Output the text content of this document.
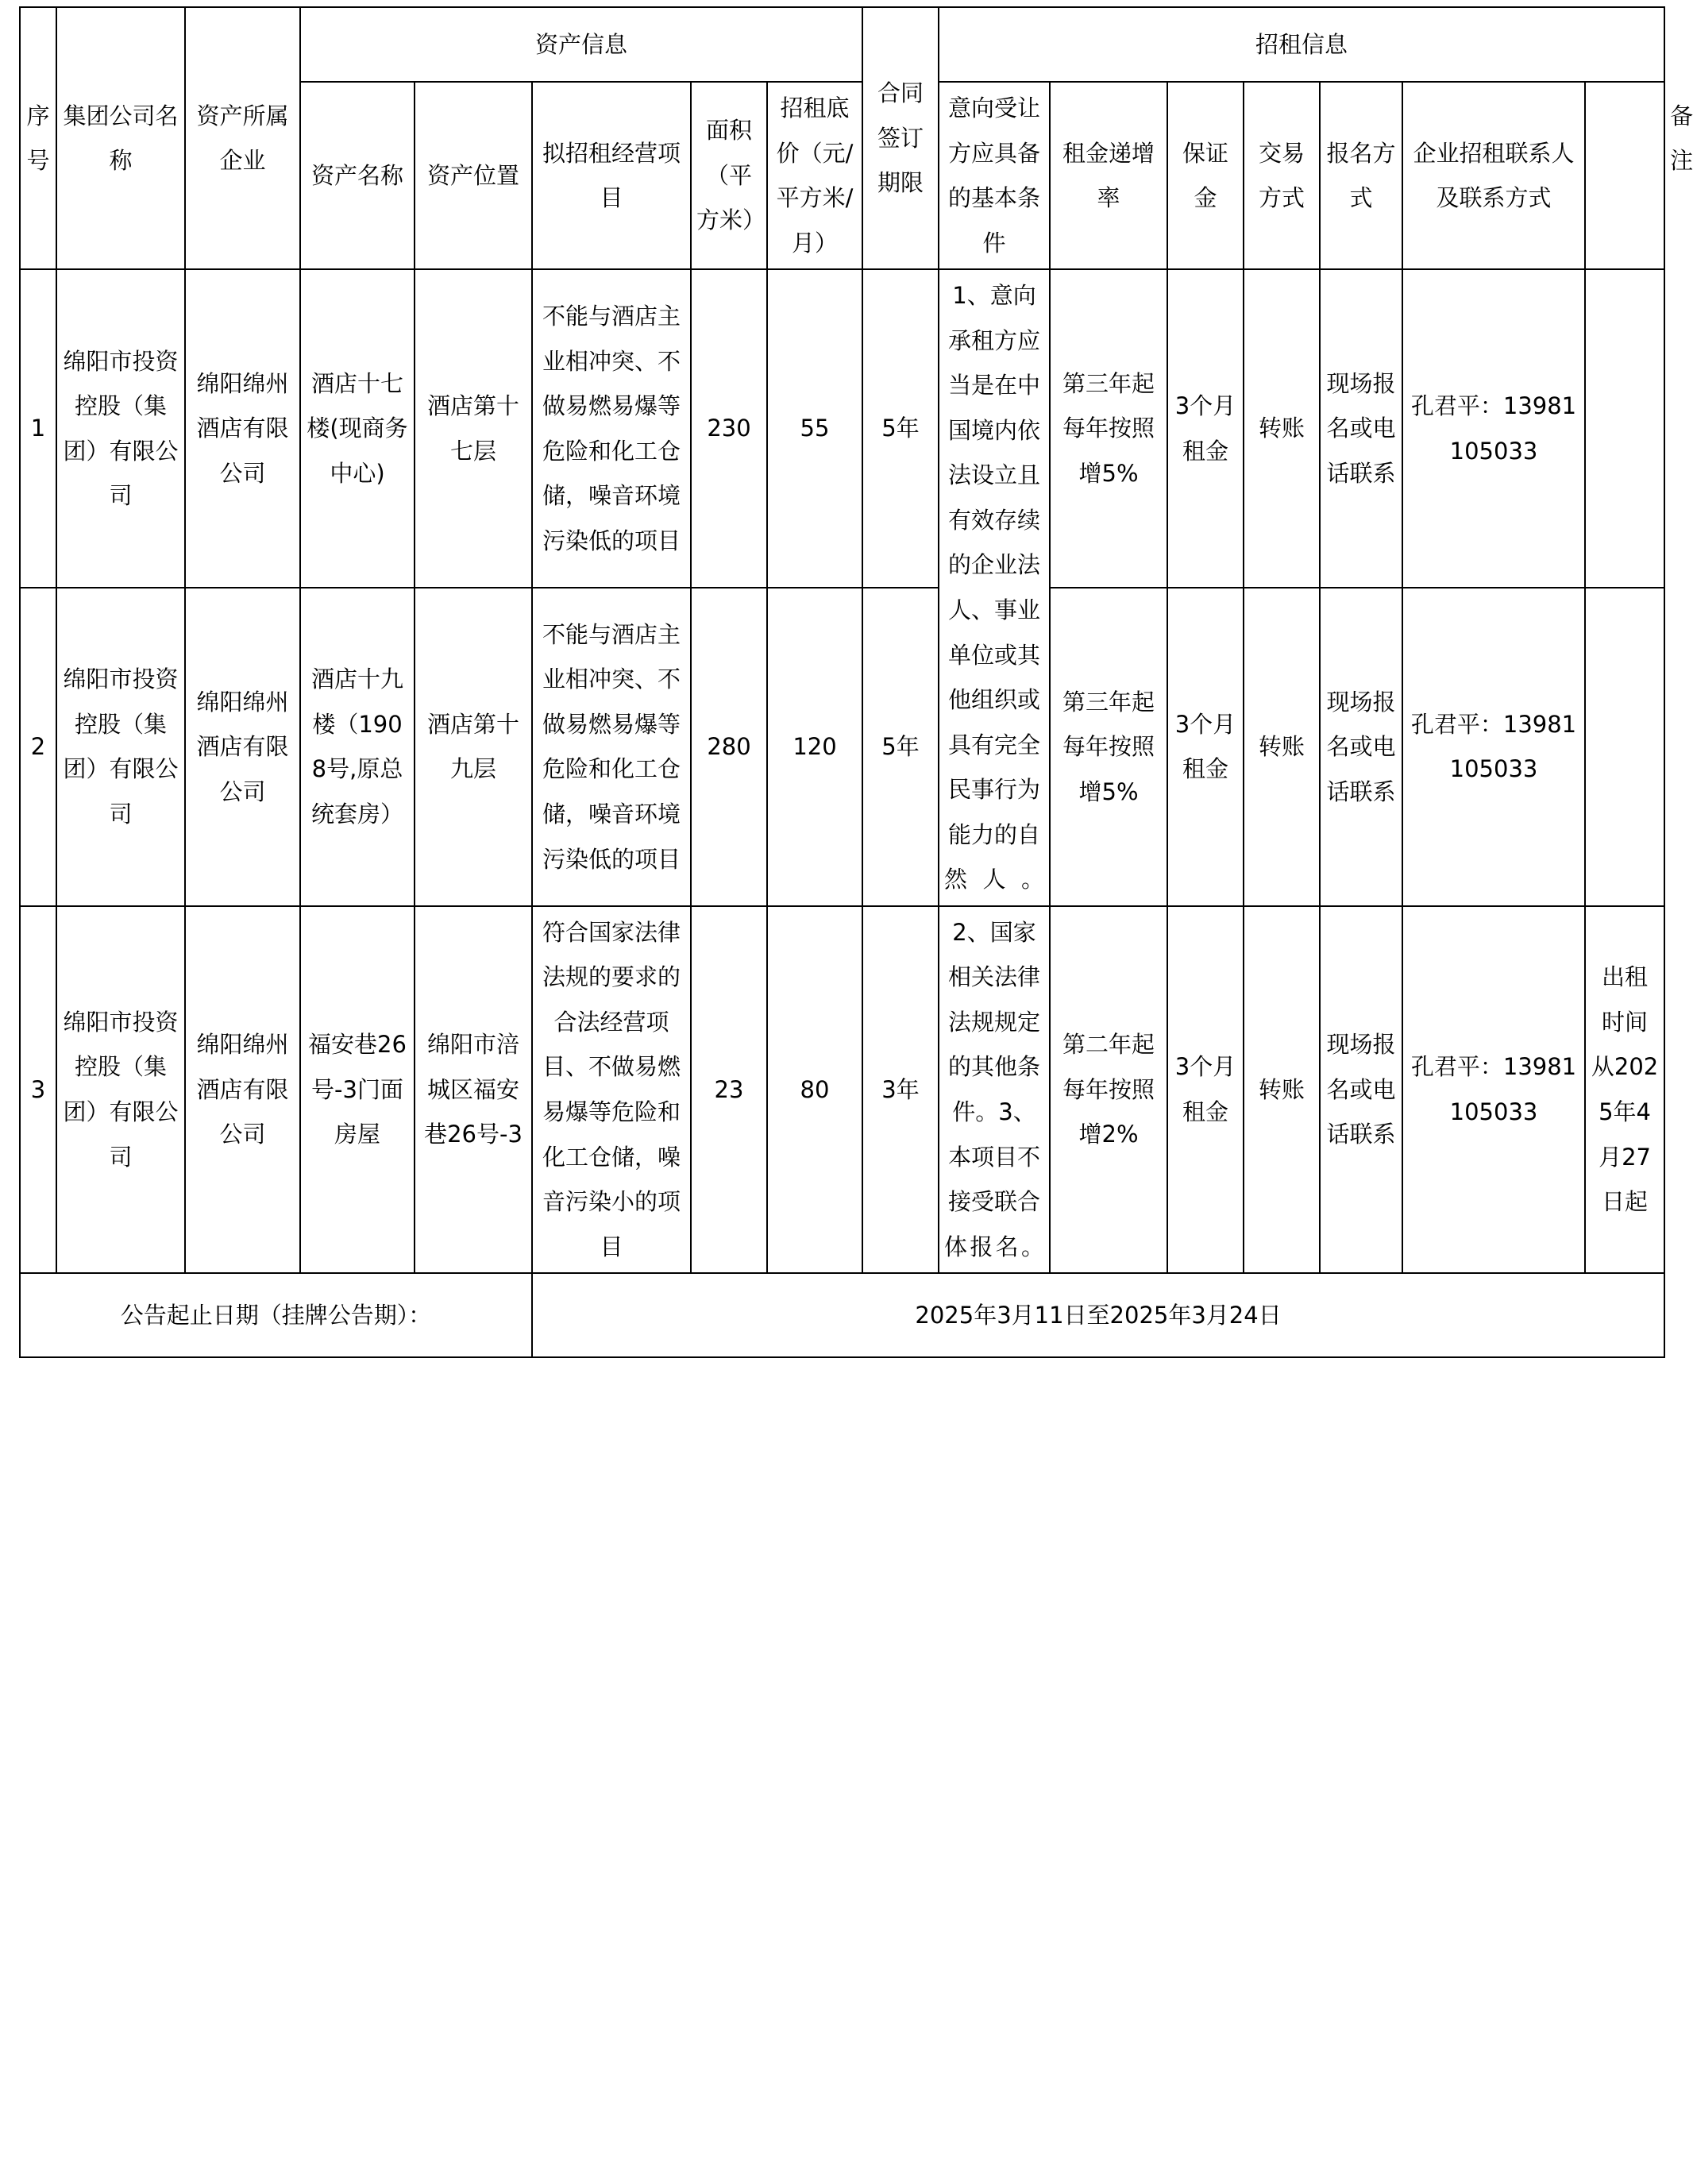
序号	集团公司名称	资产所属企业	资产信息					合同签订期限	招租信息							备注
			资产名称	资产位置	拟招租经营项目	面积（平方米）	招租底价（元/平方米/月）		意向受让方应具备的基本条件	租金递增率	保证金	交易方式	报名方式	企业招租联系人及联系方式		
1	绵阳市投资控股（集团）有限公司	绵阳绵州酒店有限公司	酒店十七楼(现商务中心)	酒店第十七层	不能与酒店主业相冲突、不做易燃易爆等危险和化工仓储，噪音环境污染低的项目	230	55	5年	1、意向承租方应当是在中国境内依法设立且有效存续的企业法人、事业单位或其他组织或具有完全民事行为能力的自然人。	第三年起每年按照增5%	3个月租金	转账	现场报名或电话联系	孔君平：13981105033		
2	绵阳市投资控股（集团）有限公司	绵阳绵州酒店有限公司	酒店十九楼（1908号,原总统套房）	酒店第十九层	不能与酒店主业相冲突、不做易燃易爆等危险和化工仓储，噪音环境污染低的项目	280	120	5年		第三年起每年按照增5%	3个月租金	转账	现场报名或电话联系	孔君平：13981105033		
3	绵阳市投资控股（集团）有限公司	绵阳绵州酒店有限公司	福安巷26号-3门面房屋	绵阳市涪城区福安巷26号-3	符合国家法律法规的要求的合法经营项目、不做易燃易爆等危险和化工仓储，噪音污染小的项目	23	80	3年	2、国家相关法律法规规定的其他条件。3、本项目不接受联合体报名。	第二年起每年按照增2%	3个月租金	转账	现场报名或电话联系	孔君平：13981105033	出租时间从2025年4月27日起	
公告起止日期（挂牌公告期）：					2025年3月11日至2025年3月24日											
